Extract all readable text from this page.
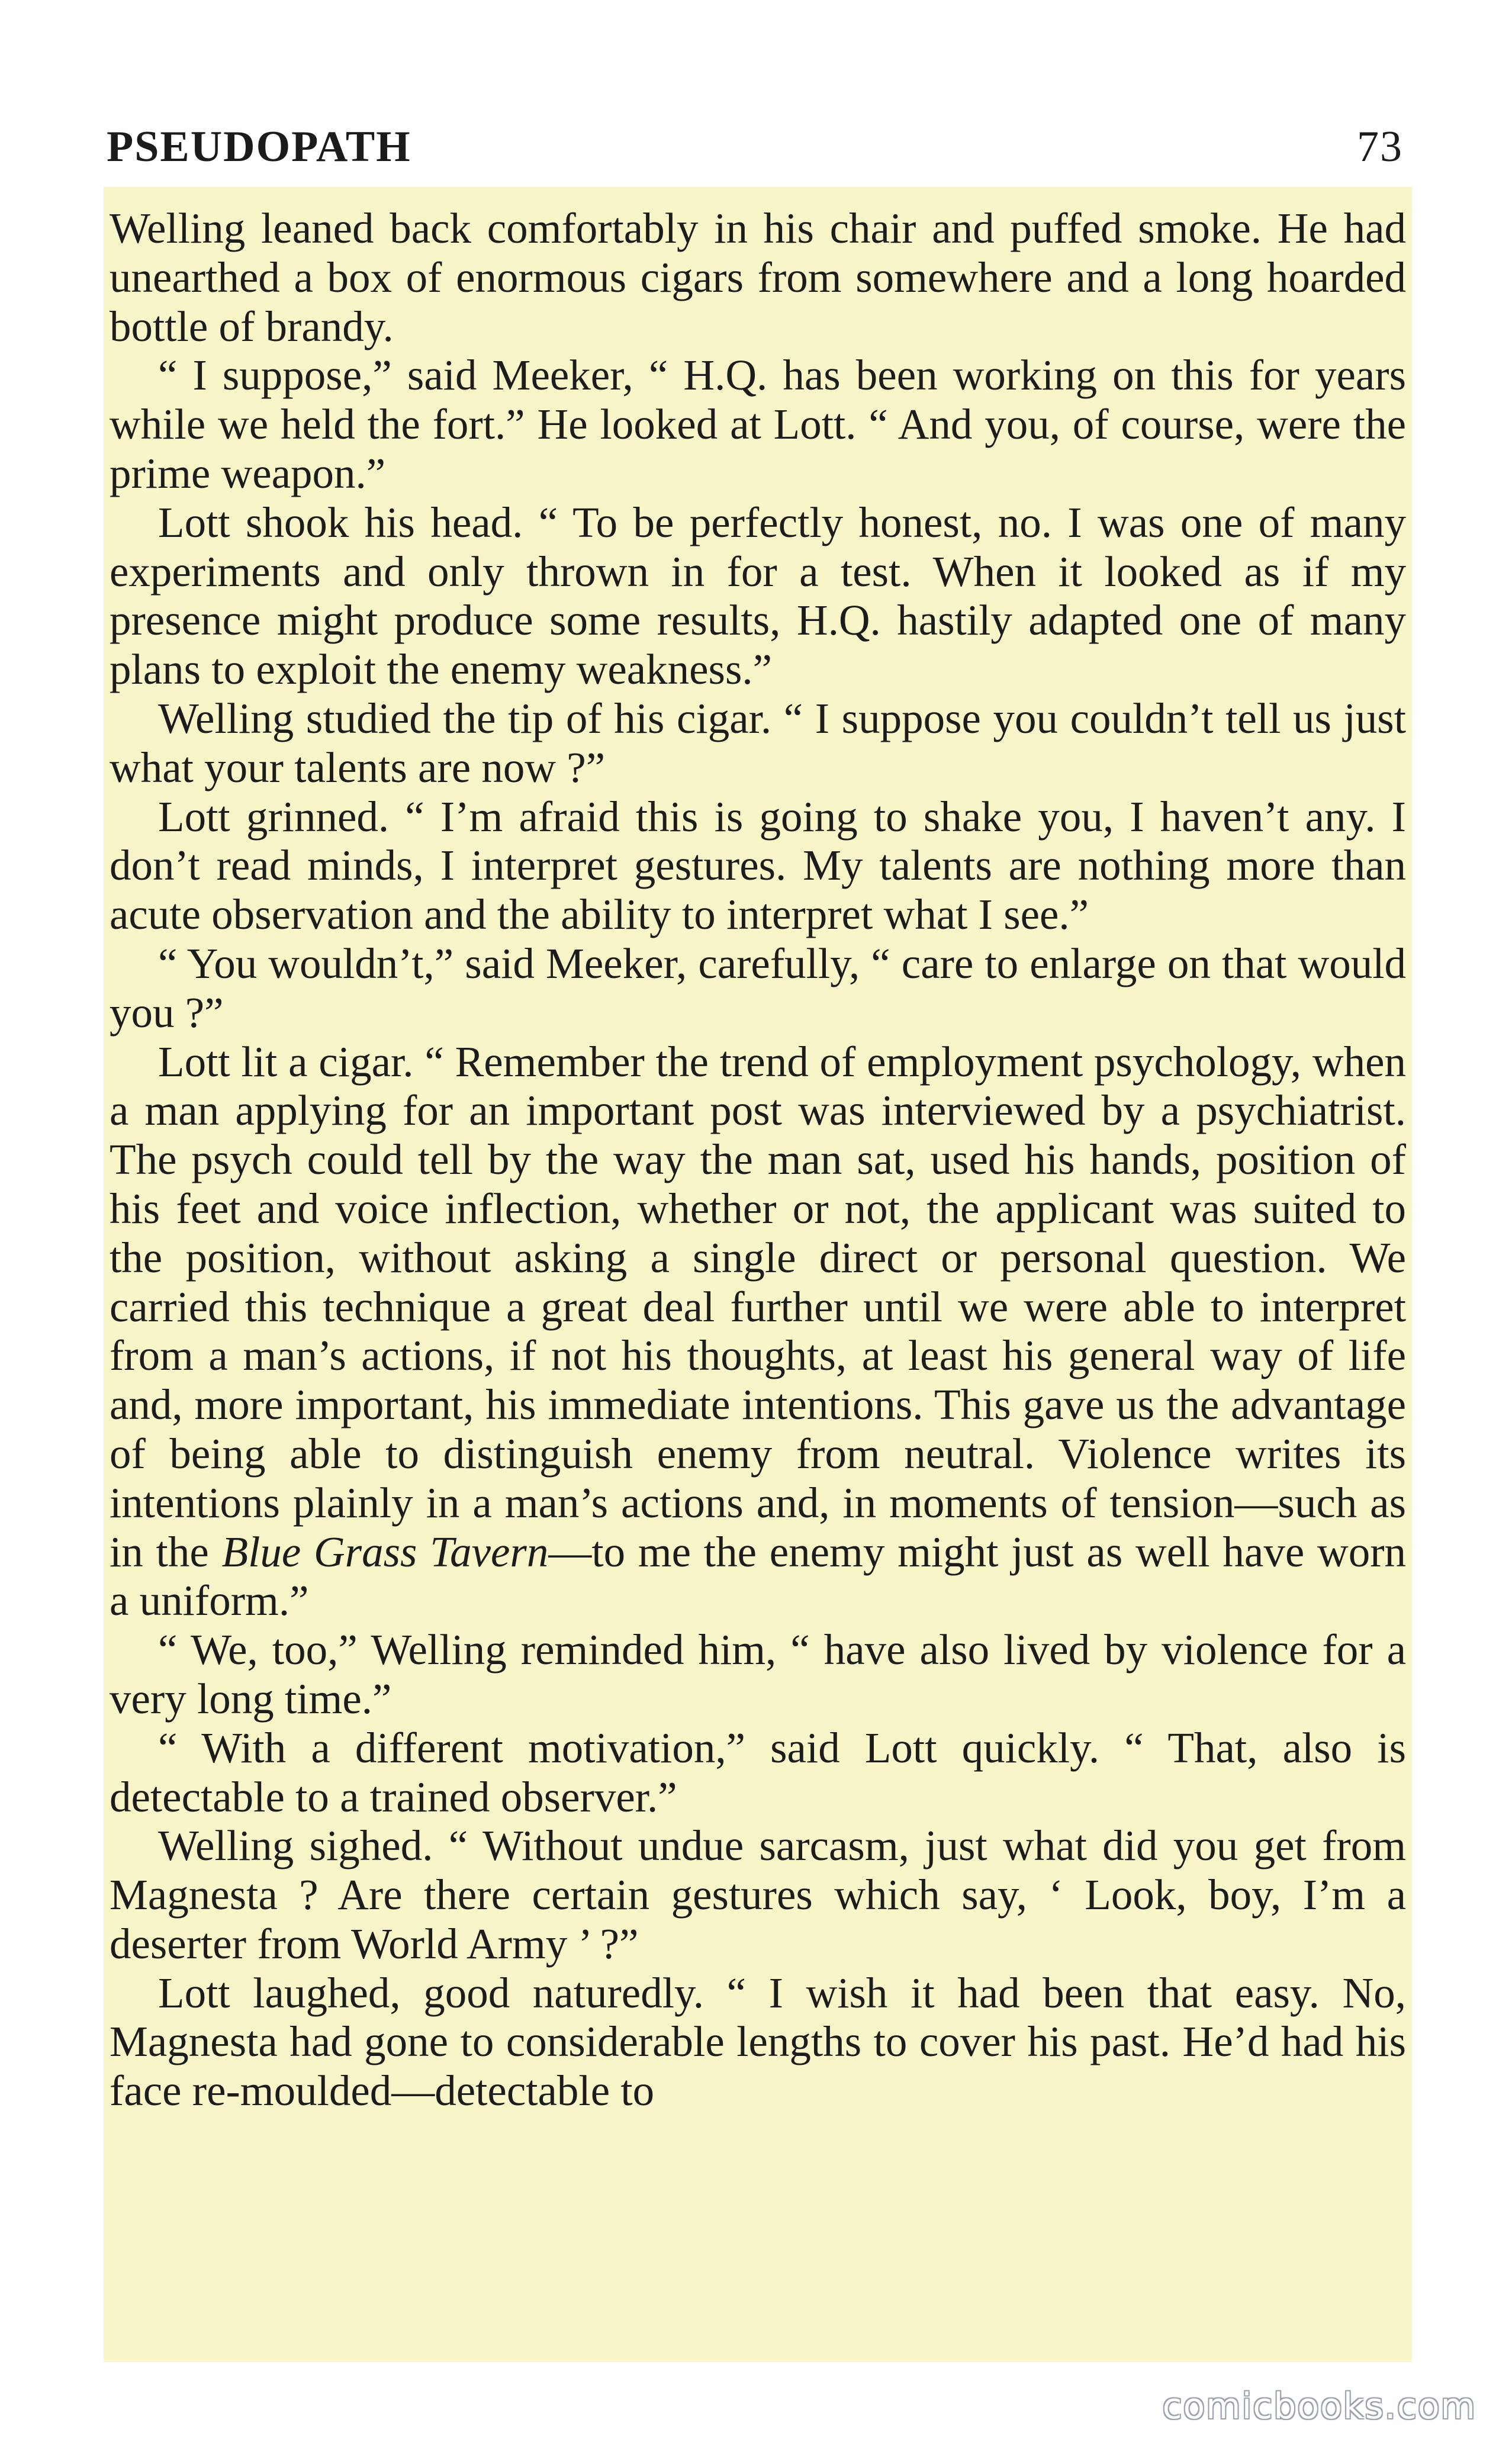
PSEUDOPATH	73

Welling leaned back comfortably in his chair and puffed smoke. He had unearthed a box of enormous cigars from somewhere and a long hoarded bottle of brandy.

“ I suppose,” said Meeker, “ H.Q. has been working on this for years while we held the fort.” He looked at Lott. “ And you, of course, were the prime weapon.”

Lott shook his head. “ To be perfectly honest, no. I was one of many experiments and only thrown in for a test. When it looked as if my presence might produce some results, H.Q. hastily adapted one of many plans to exploit the enemy weakness.”

Welling studied the tip of his cigar. “ I suppose you couldn’t tell us just what your talents are now ?”

Lott grinned. “ I’m afraid this is going to shake you, I haven’t any. I don’t read minds, I interpret gestures. My talents are nothing more than acute observation and the ability to interpret what I see.”

“ You wouldn’t,” said Meeker, carefully, “ care to enlarge on that would you ?”

Lott lit a cigar. “ Remember the trend of employment psychology, when a man applying for an important post was interviewed by a psychiatrist. The psych could tell by the way the man sat, used his hands, position of his feet and voice inflection, whether or not, the applicant was suited to the position, without asking a single direct or personal question. We carried this technique a great deal further until we were able to interpret from a man’s actions, if not his thoughts, at least his general way of life and, more important, his immediate intentions. This gave us the advantage of being able to distinguish enemy from neutral. Violence writes its intentions plainly in a man’s actions and, in moments of tension—such as in the Blue Grass Tavern—to me the enemy might just as well have worn a uniform.”

“ We, too,” Welling reminded him, “ have also lived by violence for a very long time.”

“ With a different motivation,” said Lott quickly. “ That, also is detectable to a trained observer.”

Welling sighed. “ Without undue sarcasm, just what did you get from Magnesta ? Are there certain gestures which say, ‘ Look, boy, I’m a deserter from World Army ’ ?”

Lott laughed, good naturedly. “ I wish it had been that easy. No, Magnesta had gone to considerable lengths to cover his past. He’d had his face re-moulded—detectable to

comicbooks.com
